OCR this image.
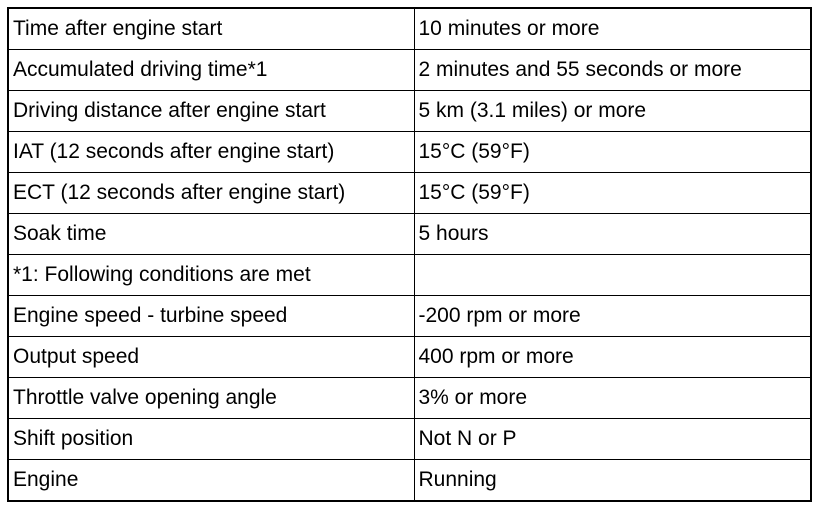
Time after engine start	10 minutes or more
Accumulated driving time*1	2 minutes and 55 seconds or more
Driving distance after engine start	5 km (3.1 miles) or more
IAT (12 seconds after engine start)	15°C (59°F)
ECT (12 seconds after engine start)	15°C (59°F)
Soak time	5 hours
*1: Following conditions are met	
Engine speed - turbine speed	-200 rpm or more
Output speed	400 rpm or more
Throttle valve opening angle	3% or more
Shift position	Not N or P
Engine	Running
